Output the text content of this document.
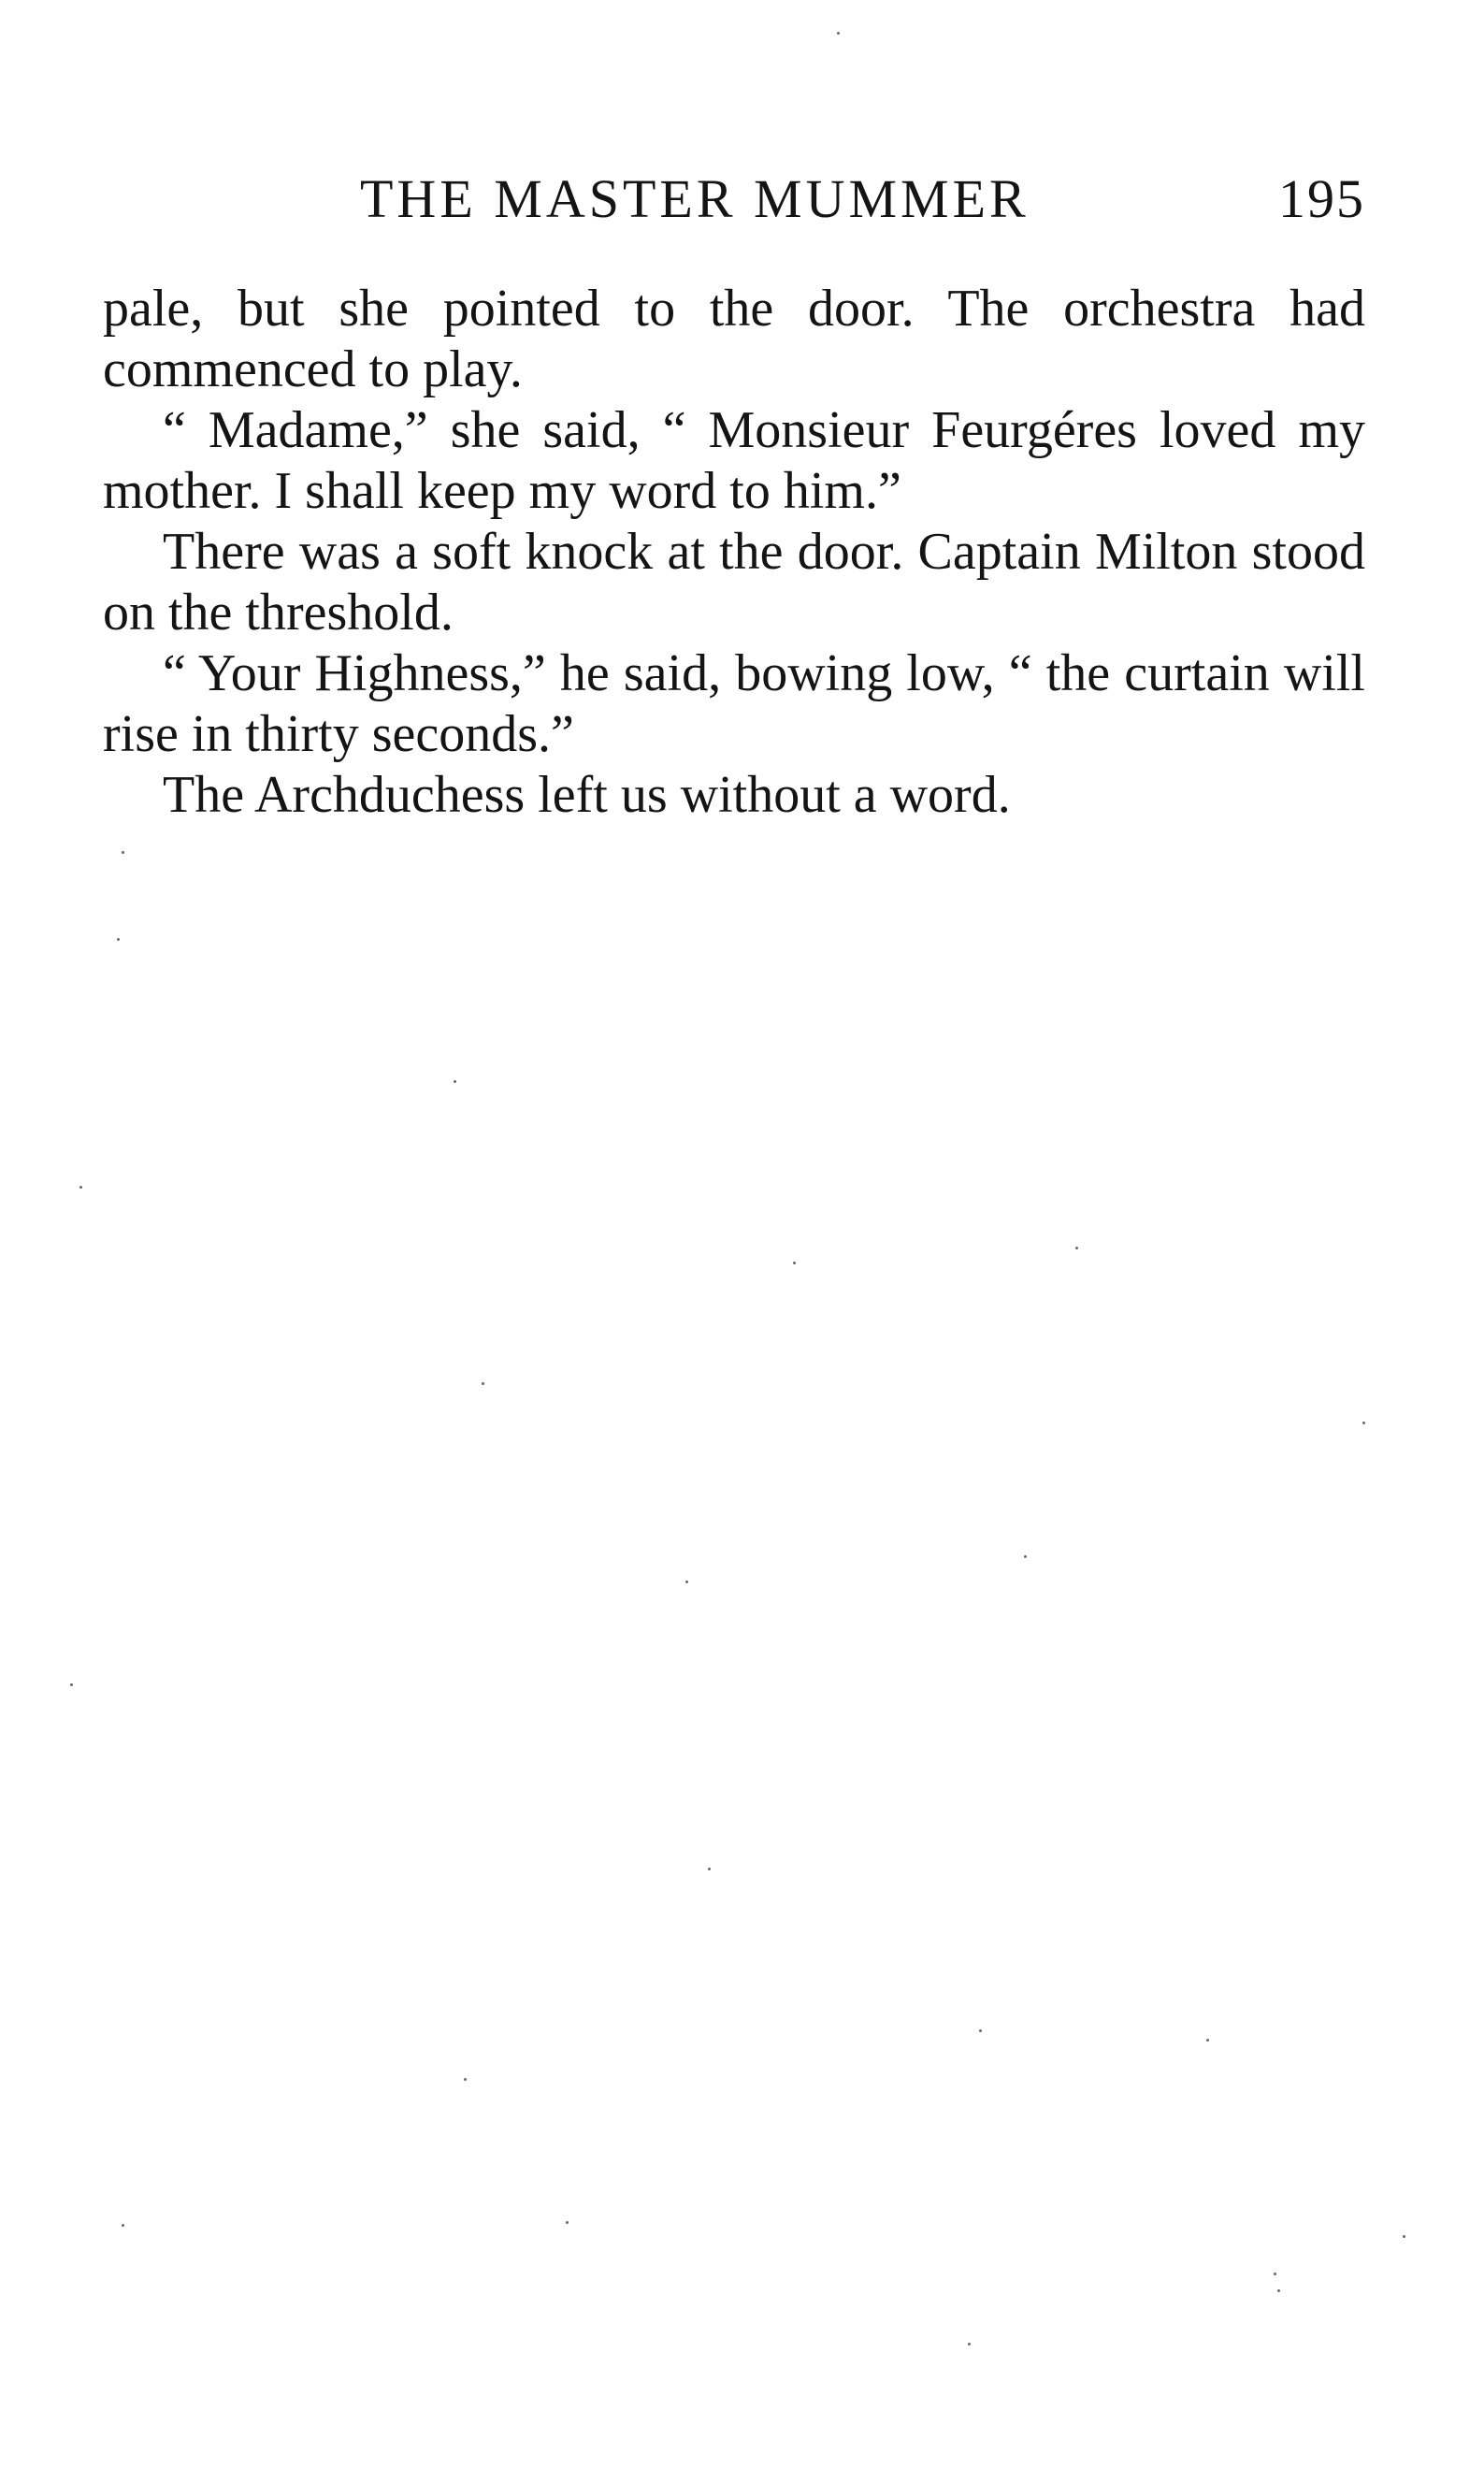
THE MASTER MUMMER	195

pale, but she pointed to the door. The orchestra had commenced to play.

“ Madame,” she said, “ Monsieur Feurgéres loved my mother. I shall keep my word to him.”

There was a soft knock at the door. Captain Milton stood on the threshold.

“ Your Highness,” he said, bowing low, “ the curtain will rise in thirty seconds.”

The Archduchess left us without a word.
